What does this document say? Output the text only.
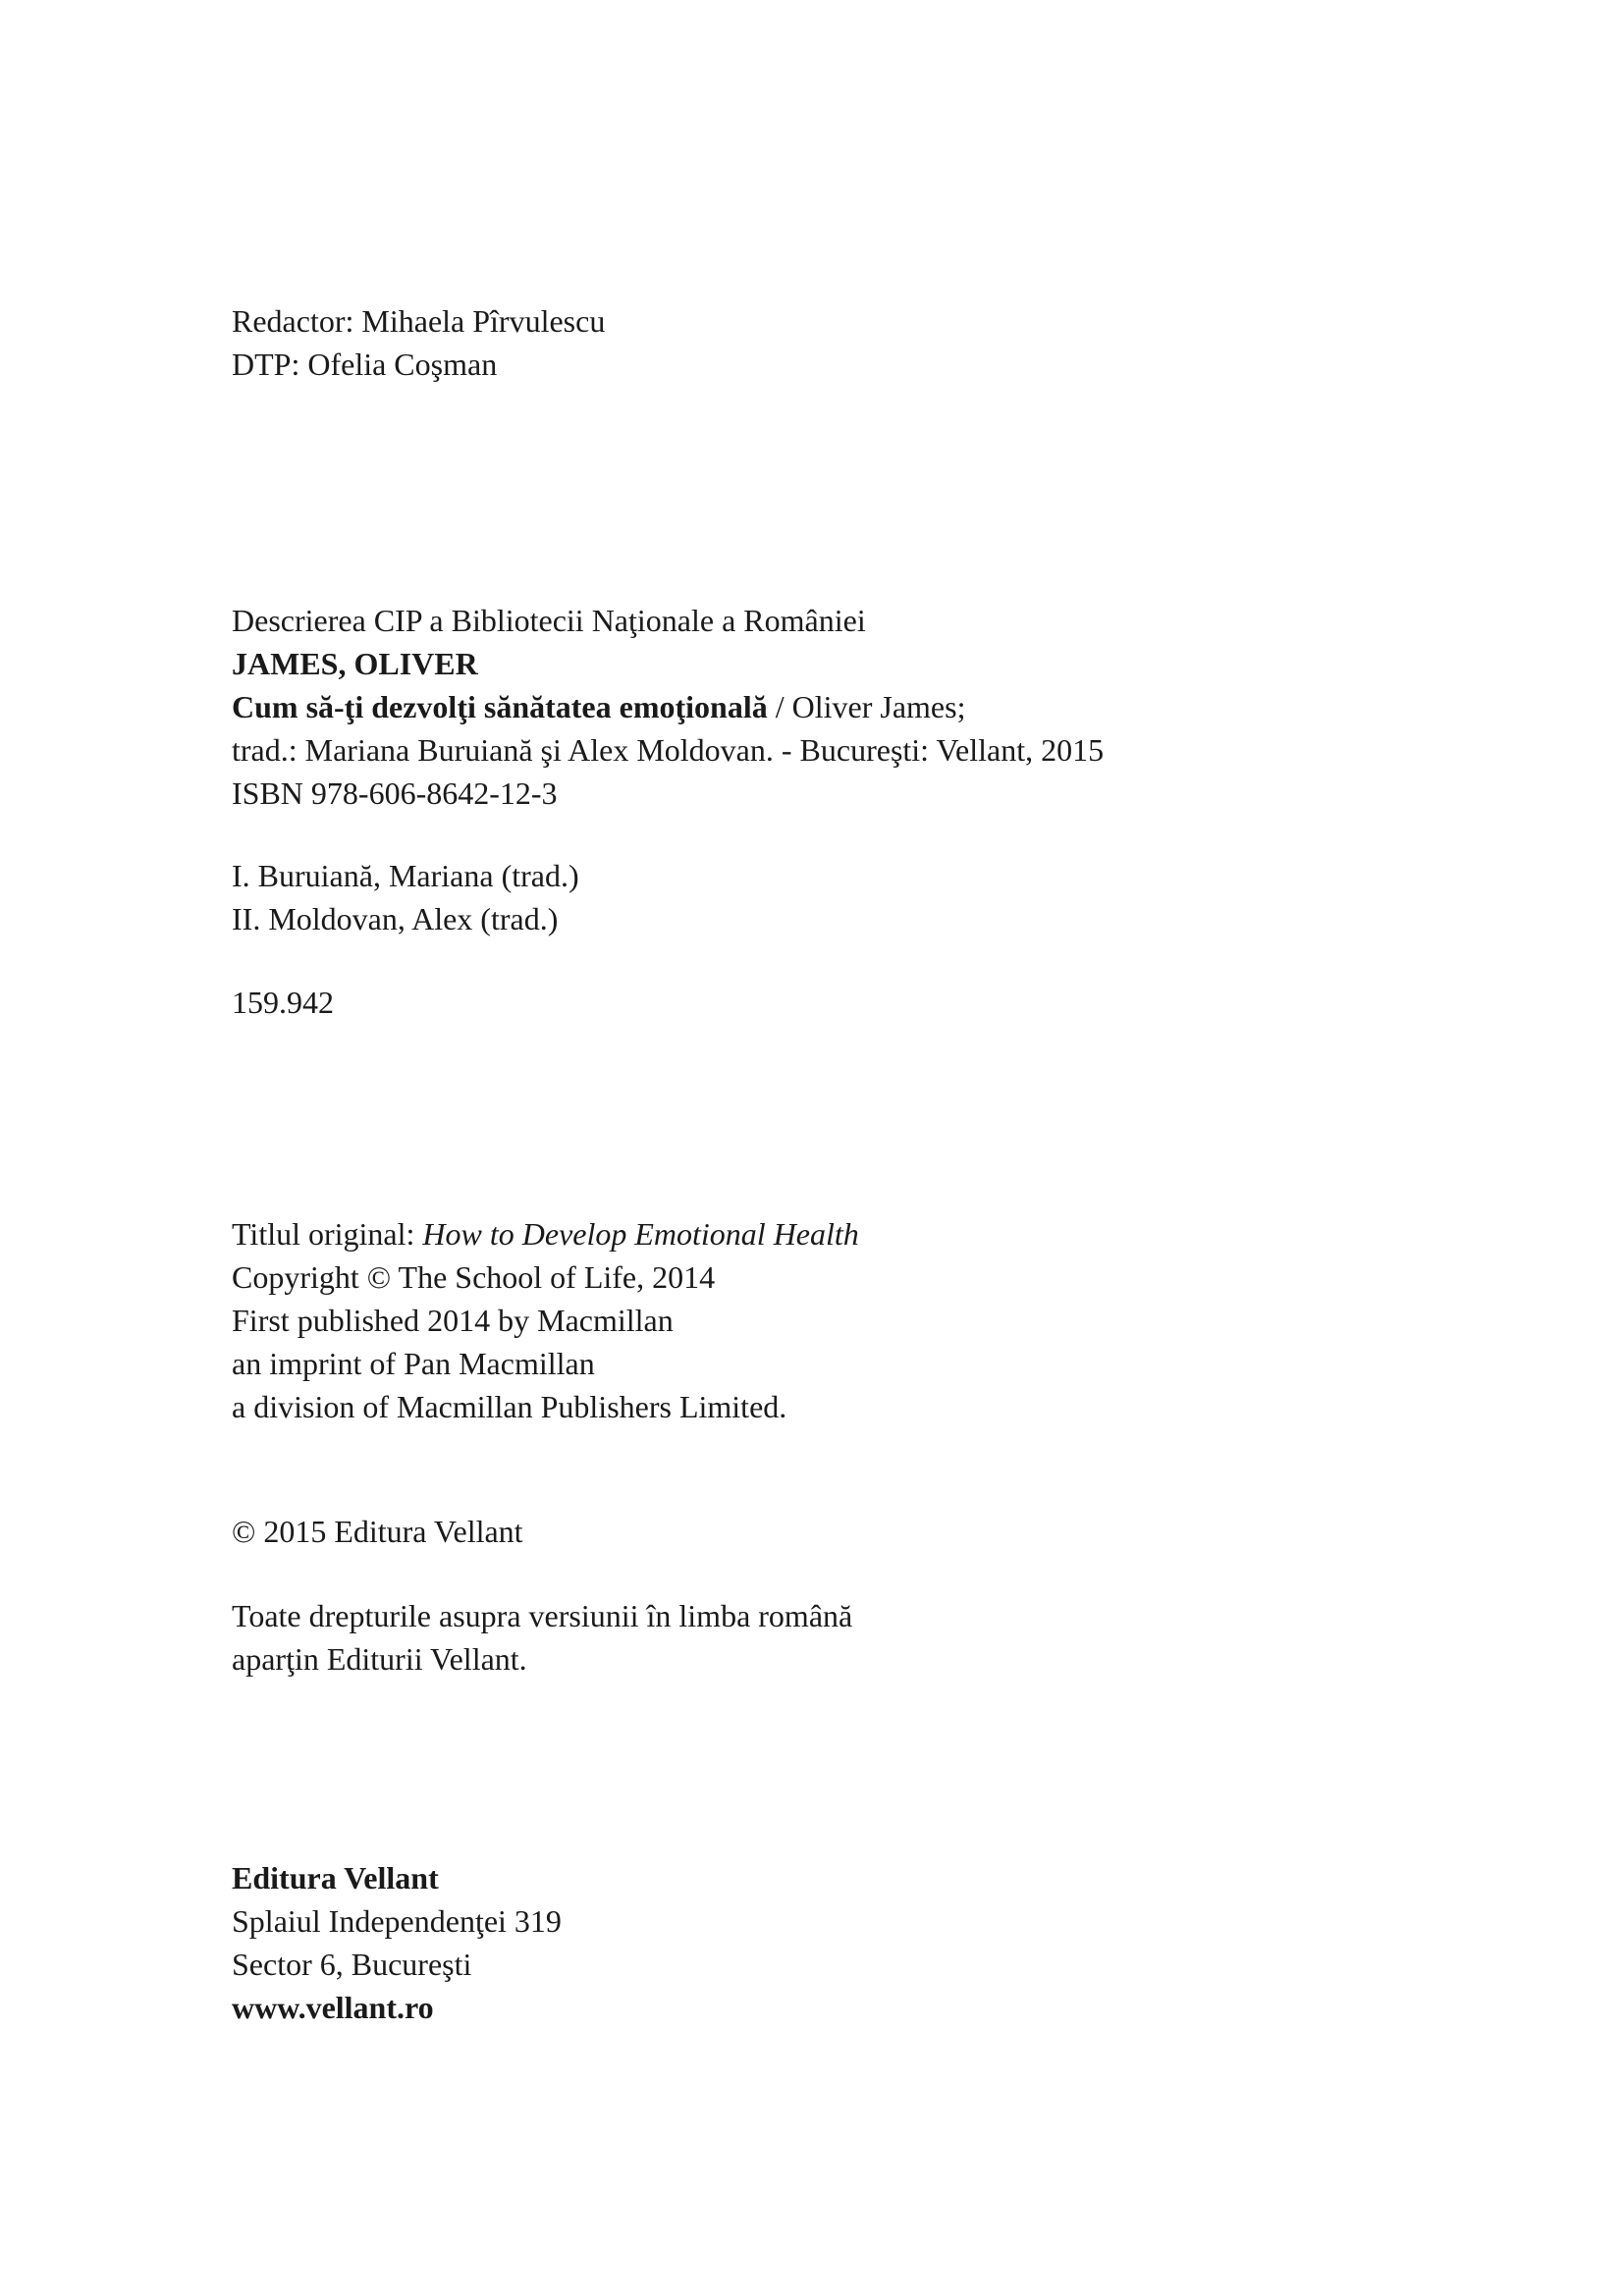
Redactor: Mihaela Pîrvulescu
DTP: Ofelia Coşman
Descrierea CIP a Bibliotecii Naţionale a României
JAMES, OLIVER
Cum să-ţi dezvolţi sănătatea emoţională / Oliver James;
trad.: Mariana Buruiană şi Alex Moldovan. - Bucureşti: Vellant, 2015
ISBN 978-606-8642-12-3
I. Buruiană, Mariana (trad.)
II. Moldovan, Alex (trad.)
159.942
Titlul original: How to Develop Emotional Health
Copyright © The School of Life, 2014
First published 2014 by Macmillan
an imprint of Pan Macmillan
a division of Macmillan Publishers Limited.
© 2015 Editura Vellant
Toate drepturile asupra versiunii în limba română
aparţin Editurii Vellant.
Editura Vellant
Splaiul Independenţei 319
Sector 6, Bucureşti
www.vellant.ro
